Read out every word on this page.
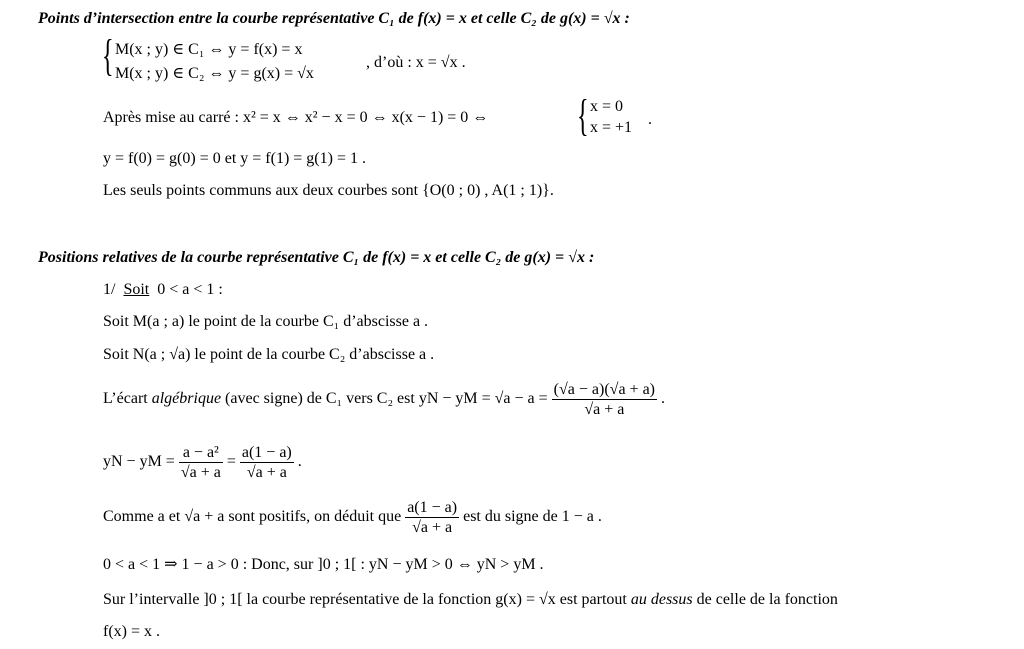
Points d’intersection entre la courbe représentative C₁ de f(x) = x et celle C₂ de g(x) = √x :
{ M(x ; y) ∈ C₁ ⇔ y = f(x) = x
M(x ; y) ∈ C₂ ⇔ y = g(x) = √x
, d’où : x = √x .
Après mise au carré : x² = x ⇔ x² − x = 0 ⇔ x(x − 1) = 0 ⇔ { x = 0
x = +1 .
y = f(0) = g(0) = 0 et y = f(1) = g(1) = 1 .
Les seuls points communs aux deux courbes sont {O(0 ; 0) , A(1 ; 1)}.
Positions relatives de la courbe représentative C₁ de f(x) = x et celle C₂ de g(x) = √x :
1/ Soit 0 < a < 1 :
Soit M(a ; a) le point de la courbe C₁ d’abscisse a .
Soit N(a ; √a) le point de la courbe C₂ d’abscisse a .
L’écart algébrique (avec signe) de C₁ vers C₂ est yN − yM = $√a - a = \frac{(√a - a)(√a + a)}{√a + a}$ .
yN − yM = $\frac{\text{a − a²}}{√a + a} = \frac{a(1 - a)}{√a + a}$ .
Comme a et √a + a sont positifs, on déduit que $\frac{a(1 - a)}{√a + a}$ est du signe de 1 − a .
0 < a < 1 ⇒ 1 − a > 0 : Donc, sur ]0 ; 1[ : yN − yM > 0 ⇔ yN > yM .
Sur l’intervalle ]0 ; 1[ la courbe représentative de la fonction g(x) = √x est partout au dessus de celle de la fonction
f(x) = x .
